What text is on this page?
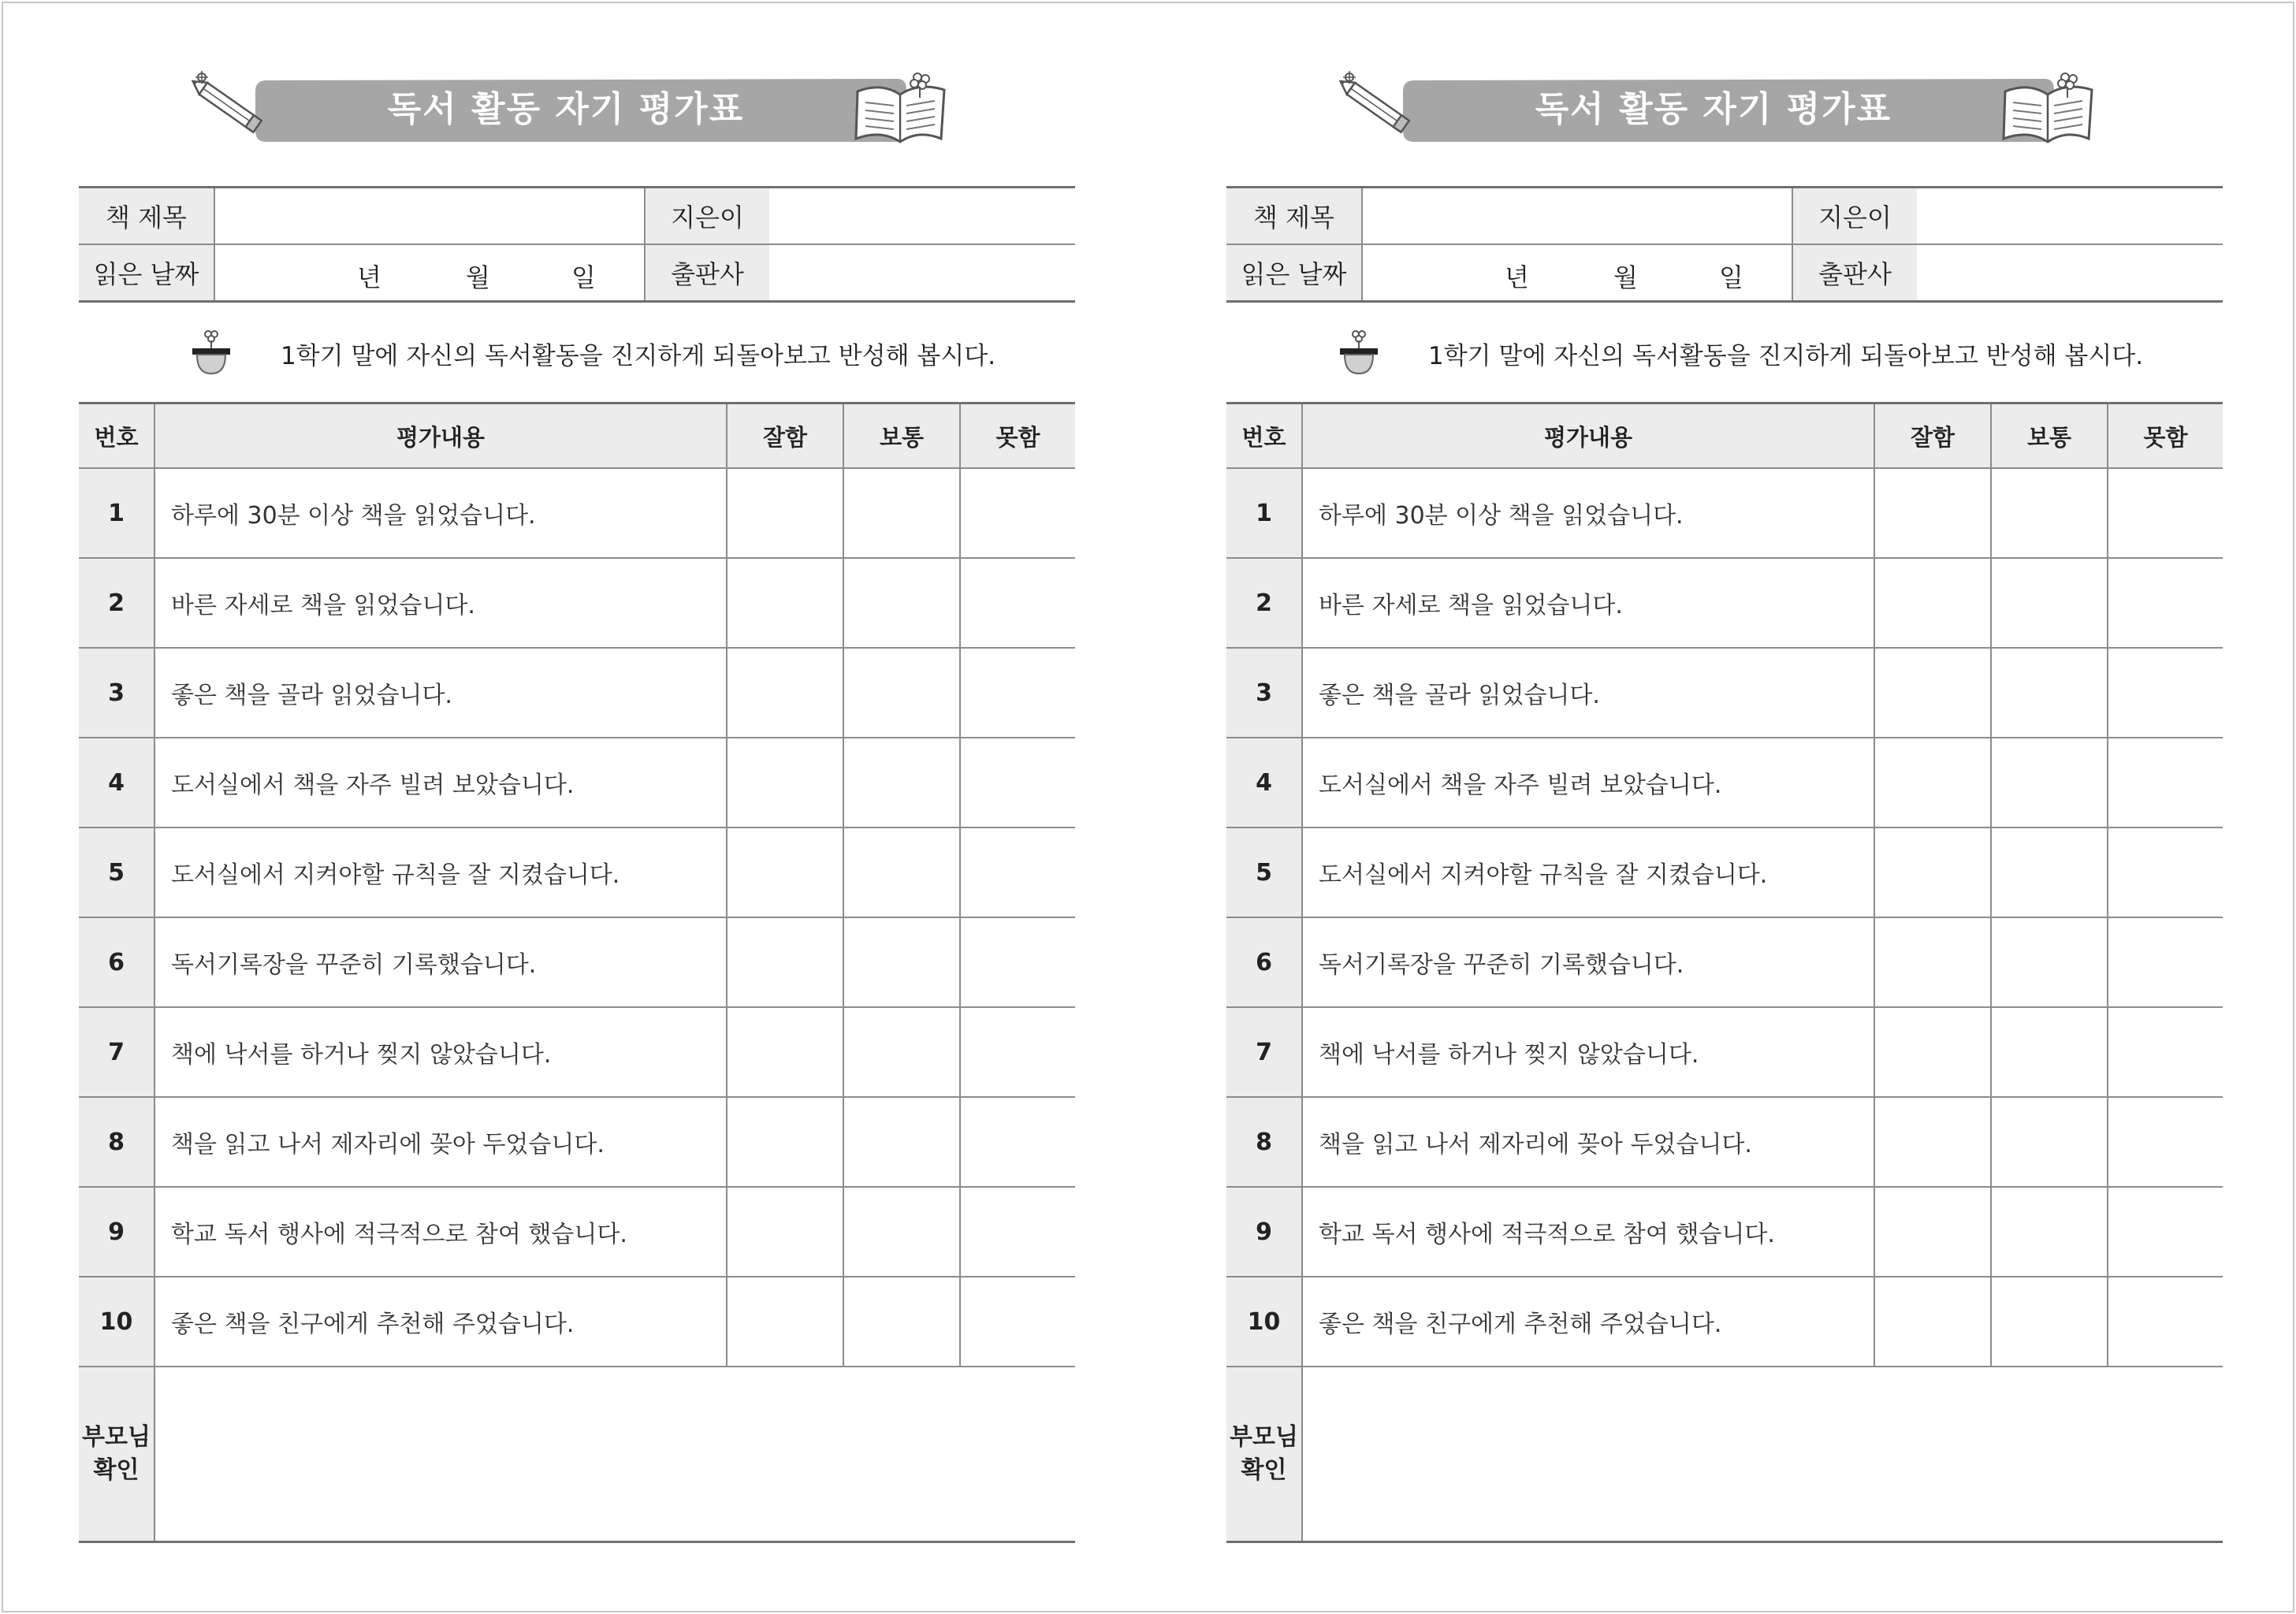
독서 활동 자기 평가표
책 제목		지은이	
읽은 날짜	년 월 일	출판사	
1학기 말에 자신의 독서활동을 진지하게 되돌아보고 반성해 봅시다.
번호	평가내용	잘함	보통	못함
1	하루에 30분 이상 책을 읽었습니다.			
2	바른 자세로 책을 읽었습니다.			
3	좋은 책을 골라 읽었습니다.			
4	도서실에서 책을 자주 빌려 보았습니다.			
5	도서실에서 지켜야할 규칙을 잘 지켰습니다.			
6	독서기록장을 꾸준히 기록했습니다.			
7	책에 낙서를 하거나 찢지 않았습니다.			
8	책을 읽고 나서 제자리에 꽂아 두었습니다.			
9	학교 독서 행사에 적극적으로 참여 했습니다.			
10	좋은 책을 친구에게 추천해 주었습니다.			
부모님
확인				
독서 활동 자기 평가표
책 제목		지은이	
읽은 날짜	년 월 일	출판사	
1학기 말에 자신의 독서활동을 진지하게 되돌아보고 반성해 봅시다.
번호	평가내용	잘함	보통	못함
1	하루에 30분 이상 책을 읽었습니다.			
2	바른 자세로 책을 읽었습니다.			
3	좋은 책을 골라 읽었습니다.			
4	도서실에서 책을 자주 빌려 보았습니다.			
5	도서실에서 지켜야할 규칙을 잘 지켰습니다.			
6	독서기록장을 꾸준히 기록했습니다.			
7	책에 낙서를 하거나 찢지 않았습니다.			
8	책을 읽고 나서 제자리에 꽂아 두었습니다.			
9	학교 독서 행사에 적극적으로 참여 했습니다.			
10	좋은 책을 친구에게 추천해 주었습니다.			
부모님
확인				
